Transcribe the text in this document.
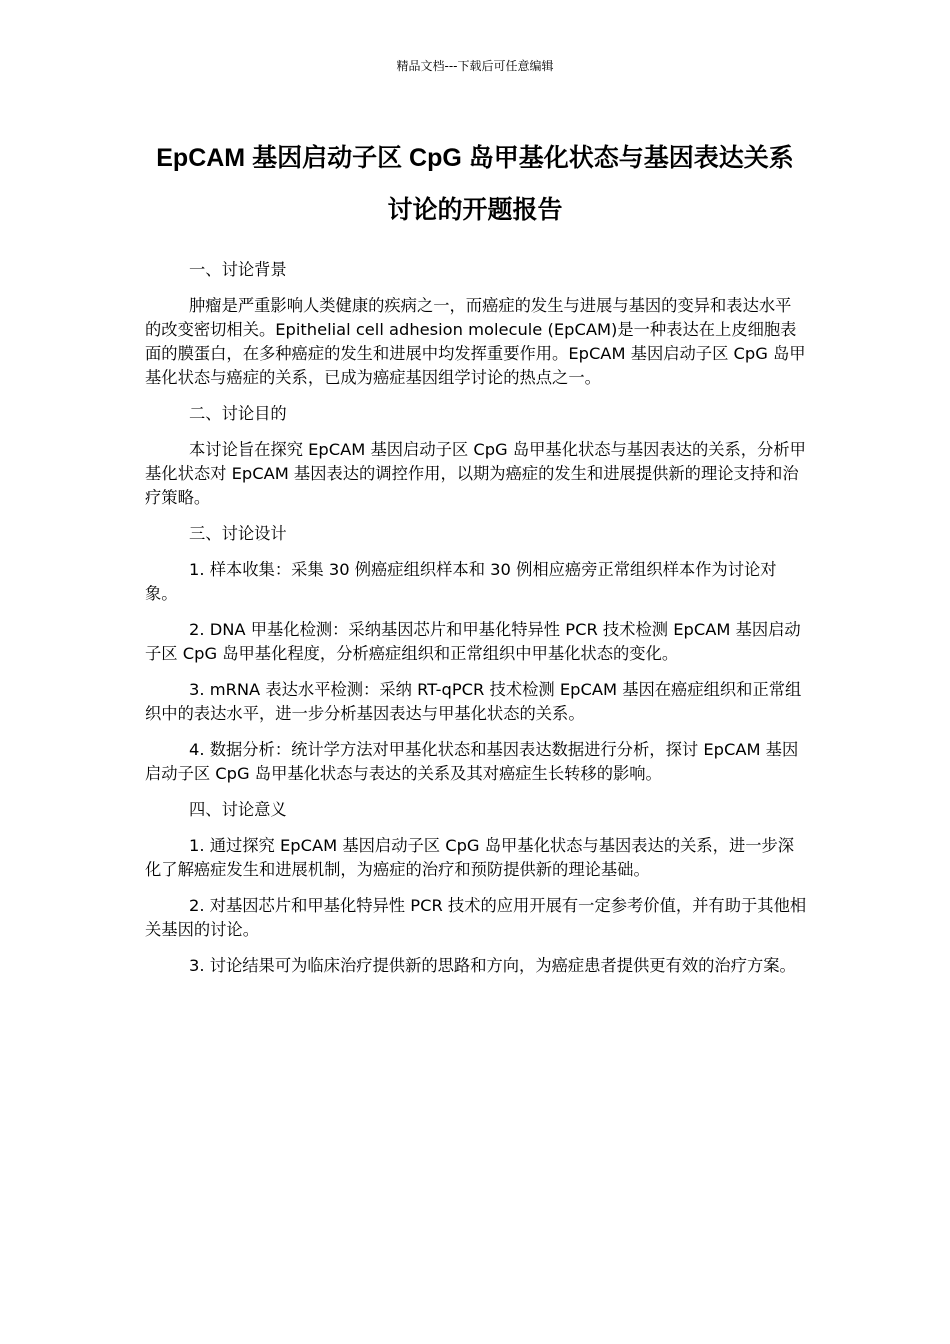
精品文档---下载后可任意编辑
EpCAM 基因启动子区 CpG 岛甲基化状态与基因表达关系
讨论的开题报告

一、讨论背景

肿瘤是严重影响人类健康的疾病之一，而癌症的发生与进展与基因的变异和表达水平的改变密切相关。Epithelial cell adhesion molecule (EpCAM)是一种表达在上皮细胞表面的膜蛋白，在多种癌症的发生和进展中均发挥重要作用。EpCAM 基因启动子区 CpG 岛甲基化状态与癌症的关系，已成为癌症基因组学讨论的热点之一。

二、讨论目的

本讨论旨在探究 EpCAM 基因启动子区 CpG 岛甲基化状态与基因表达的关系，分析甲基化状态对 EpCAM 基因表达的调控作用，以期为癌症的发生和进展提供新的理论支持和治疗策略。

三、讨论设计

1. 样本收集：采集 30 例癌症组织样本和 30 例相应癌旁正常组织样本作为讨论对象。

2. DNA 甲基化检测：采纳基因芯片和甲基化特异性 PCR 技术检测 EpCAM 基因启动子区 CpG 岛甲基化程度，分析癌症组织和正常组织中甲基化状态的变化。

3. mRNA 表达水平检测：采纳 RT-qPCR 技术检测 EpCAM 基因在癌症组织和正常组织中的表达水平，进一步分析基因表达与甲基化状态的关系。

4. 数据分析：统计学方法对甲基化状态和基因表达数据进行分析，探讨 EpCAM 基因启动子区 CpG 岛甲基化状态与表达的关系及其对癌症生长转移的影响。

四、讨论意义

1. 通过探究 EpCAM 基因启动子区 CpG 岛甲基化状态与基因表达的关系，进一步深化了解癌症发生和进展机制，为癌症的治疗和预防提供新的理论基础。

2. 对基因芯片和甲基化特异性 PCR 技术的应用开展有一定参考价值，并有助于其他相关基因的讨论。

3. 讨论结果可为临床治疗提供新的思路和方向，为癌症患者提供更有效的治疗方案。
